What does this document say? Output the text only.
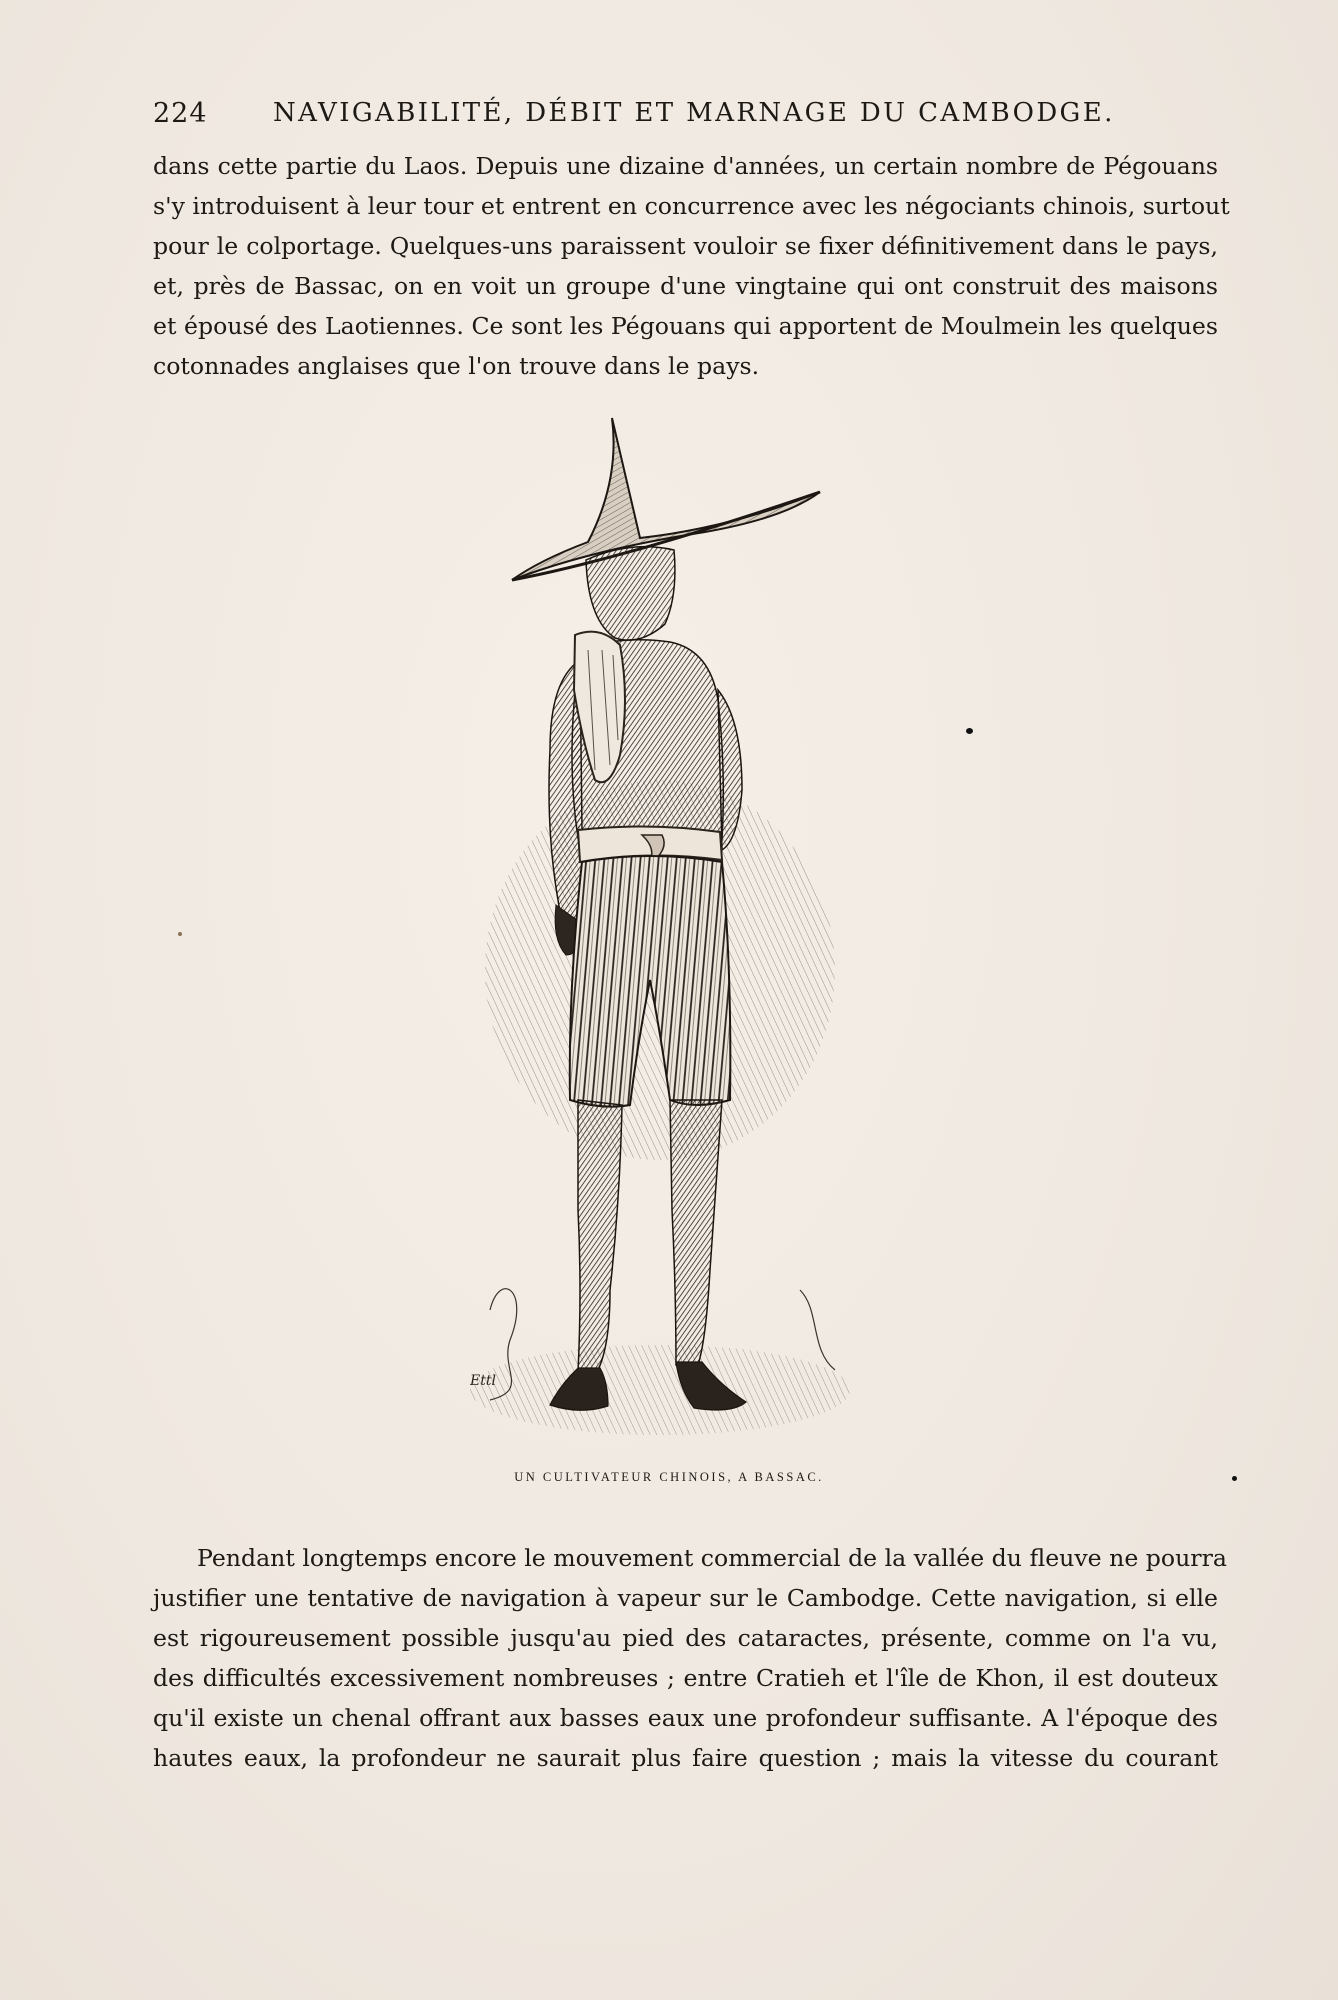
224	NAVIGABILITÉ, DÉBIT ET MARNAGE DU CAMBODGE.
dans cette partie du Laos. Depuis une dizaine d'années, un certain nombre de Pégouans
s'y introduisent à leur tour et entrent en concurrence avec les négociants chinois, surtout
pour le colportage. Quelques-uns paraissent vouloir se fixer définitivement dans le pays,
et, près de Bassac, on en voit un groupe d'une vingtaine qui ont construit des maisons
et épousé des Laotiennes. Ce sont les Pégouans qui apportent de Moulmein les quelques
cotonnades anglaises que l'on trouve dans le pays.
Ettl
UN CULTIVATEUR CHINOIS, A BASSAC.
Pendant longtemps encore le mouvement commercial de la vallée du fleuve ne pourra
justifier une tentative de navigation à vapeur sur le Cambodge. Cette navigation, si elle
est rigoureusement possible jusqu'au pied des cataractes, présente, comme on l'a vu,
des difficultés excessivement nombreuses ; entre Cratieh et l'île de Khon, il est douteux
qu'il existe un chenal offrant aux basses eaux une profondeur suffisante. A l'époque des
hautes eaux, la profondeur ne saurait plus faire question ; mais la vitesse du courant
